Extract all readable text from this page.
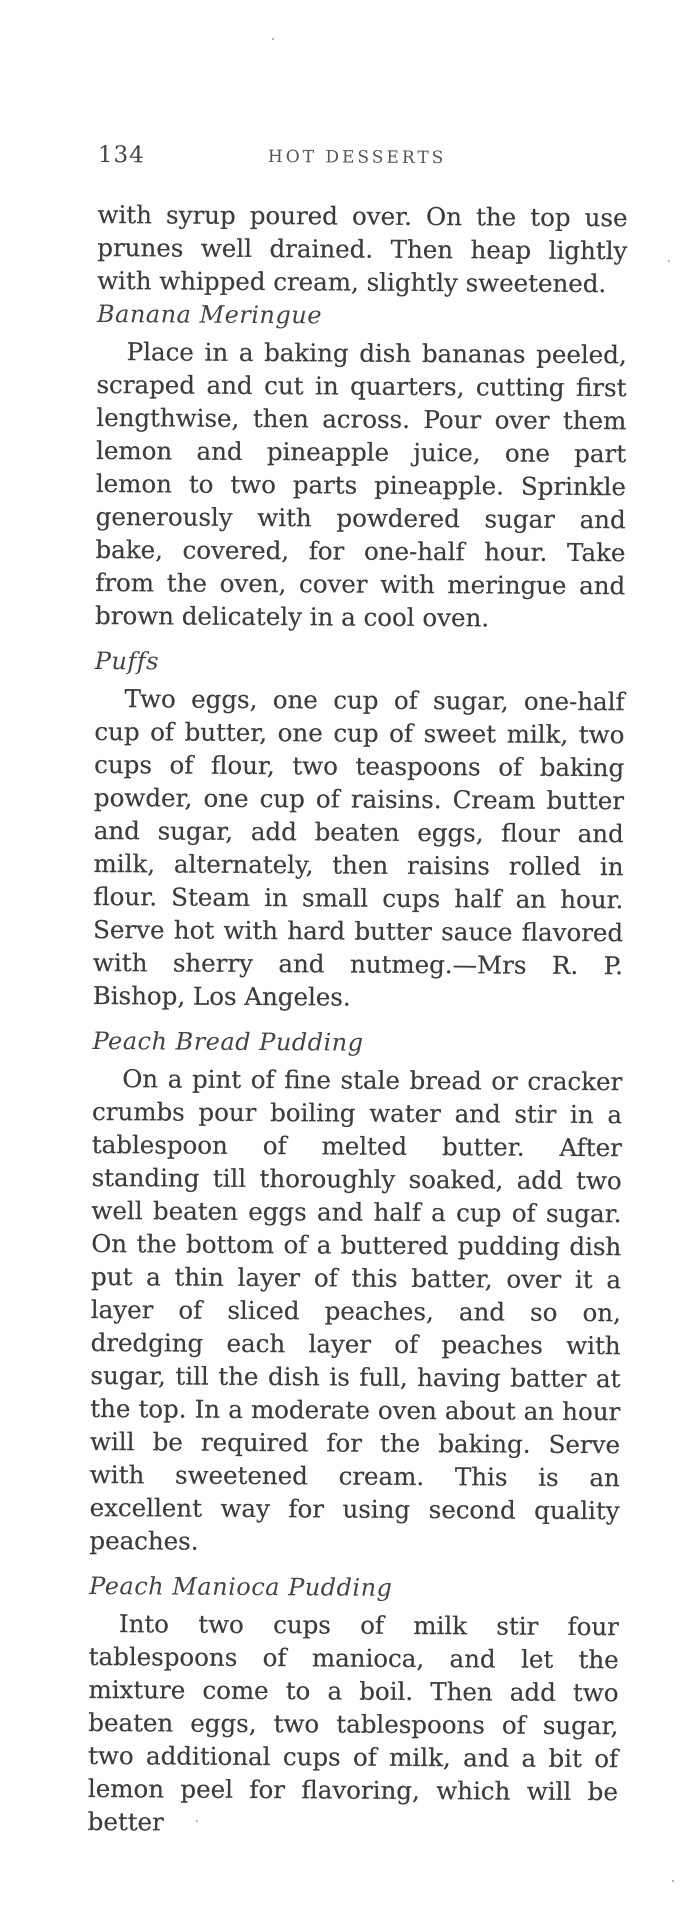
134	HOT DESSERTS

with syrup poured over. On the top use prunes well drained. Then heap lightly with whipped cream, slightly sweetened.

Banana Meringue

Place in a baking dish bananas peeled, scraped and cut in quarters, cutting first lengthwise, then across. Pour over them lemon and pineapple juice, one part lemon to two parts pineapple. Sprinkle generously with powdered sugar and bake, covered, for one-half hour. Take from the oven, cover with meringue and brown delicately in a cool oven.

Puffs

Two eggs, one cup of sugar, one-half cup of butter, one cup of sweet milk, two cups of flour, two teaspoons of baking powder, one cup of raisins. Cream butter and sugar, add beaten eggs, flour and milk, alternately, then raisins rolled in flour. Steam in small cups half an hour. Serve hot with hard butter sauce flavored with sherry and nutmeg.—Mrs R. P. Bishop, Los Angeles.

Peach Bread Pudding

On a pint of fine stale bread or cracker crumbs pour boiling water and stir in a tablespoon of melted butter. After standing till thoroughly soaked, add two well beaten eggs and half a cup of sugar. On the bottom of a buttered pudding dish put a thin layer of this batter, over it a layer of sliced peaches, and so on, dredging each layer of peaches with sugar, till the dish is full, having batter at the top. In a moderate oven about an hour will be required for the baking. Serve with sweetened cream. This is an excellent way for using second quality peaches.

Peach Manioca Pudding

Into two cups of milk stir four tablespoons of manioca, and let the mixture come to a boil. Then add two beaten eggs, two tablespoons of sugar, two additional cups of milk, and a bit of lemon peel for flavoring, which will be better
